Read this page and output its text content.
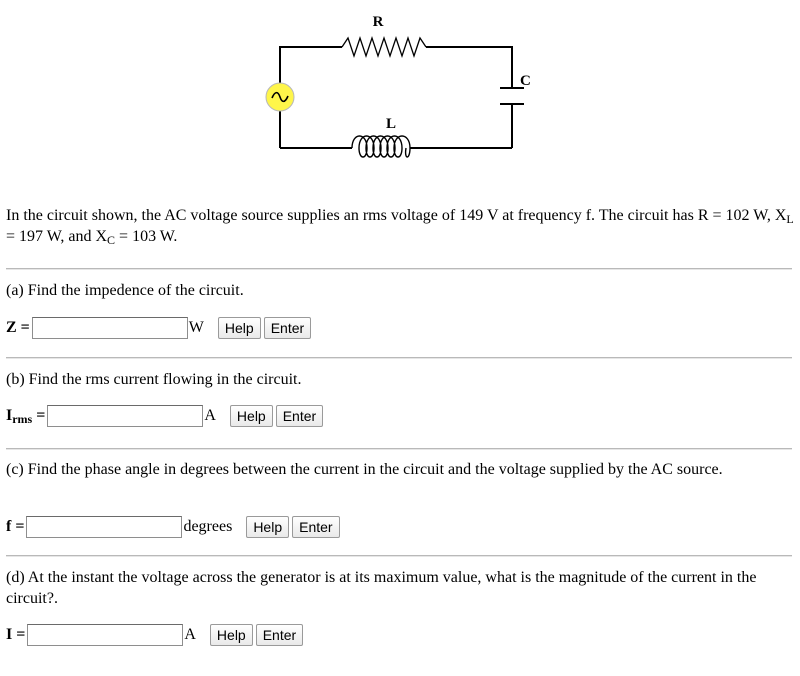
R
C
L
In the circuit shown, the AC voltage source supplies an rms voltage of 149 V at frequency f. The circuit has R = 102 W, $X_L = 197$ W, and $X_C = 103$ W.
(a) Find the impedence of the circuit.
Z =	W	Help	Enter
(b) Find the rms current flowing in the circuit.
$I_{rms}$ =	A	Help	Enter
(c) Find the phase angle in degrees between the current in the circuit and the voltage supplied by the AC source.
f =	degrees	Help	Enter
(d) At the instant the voltage across the generator is at its maximum value, what is the magnitude of the current in the circuit?.
I =	A	Help	Enter
